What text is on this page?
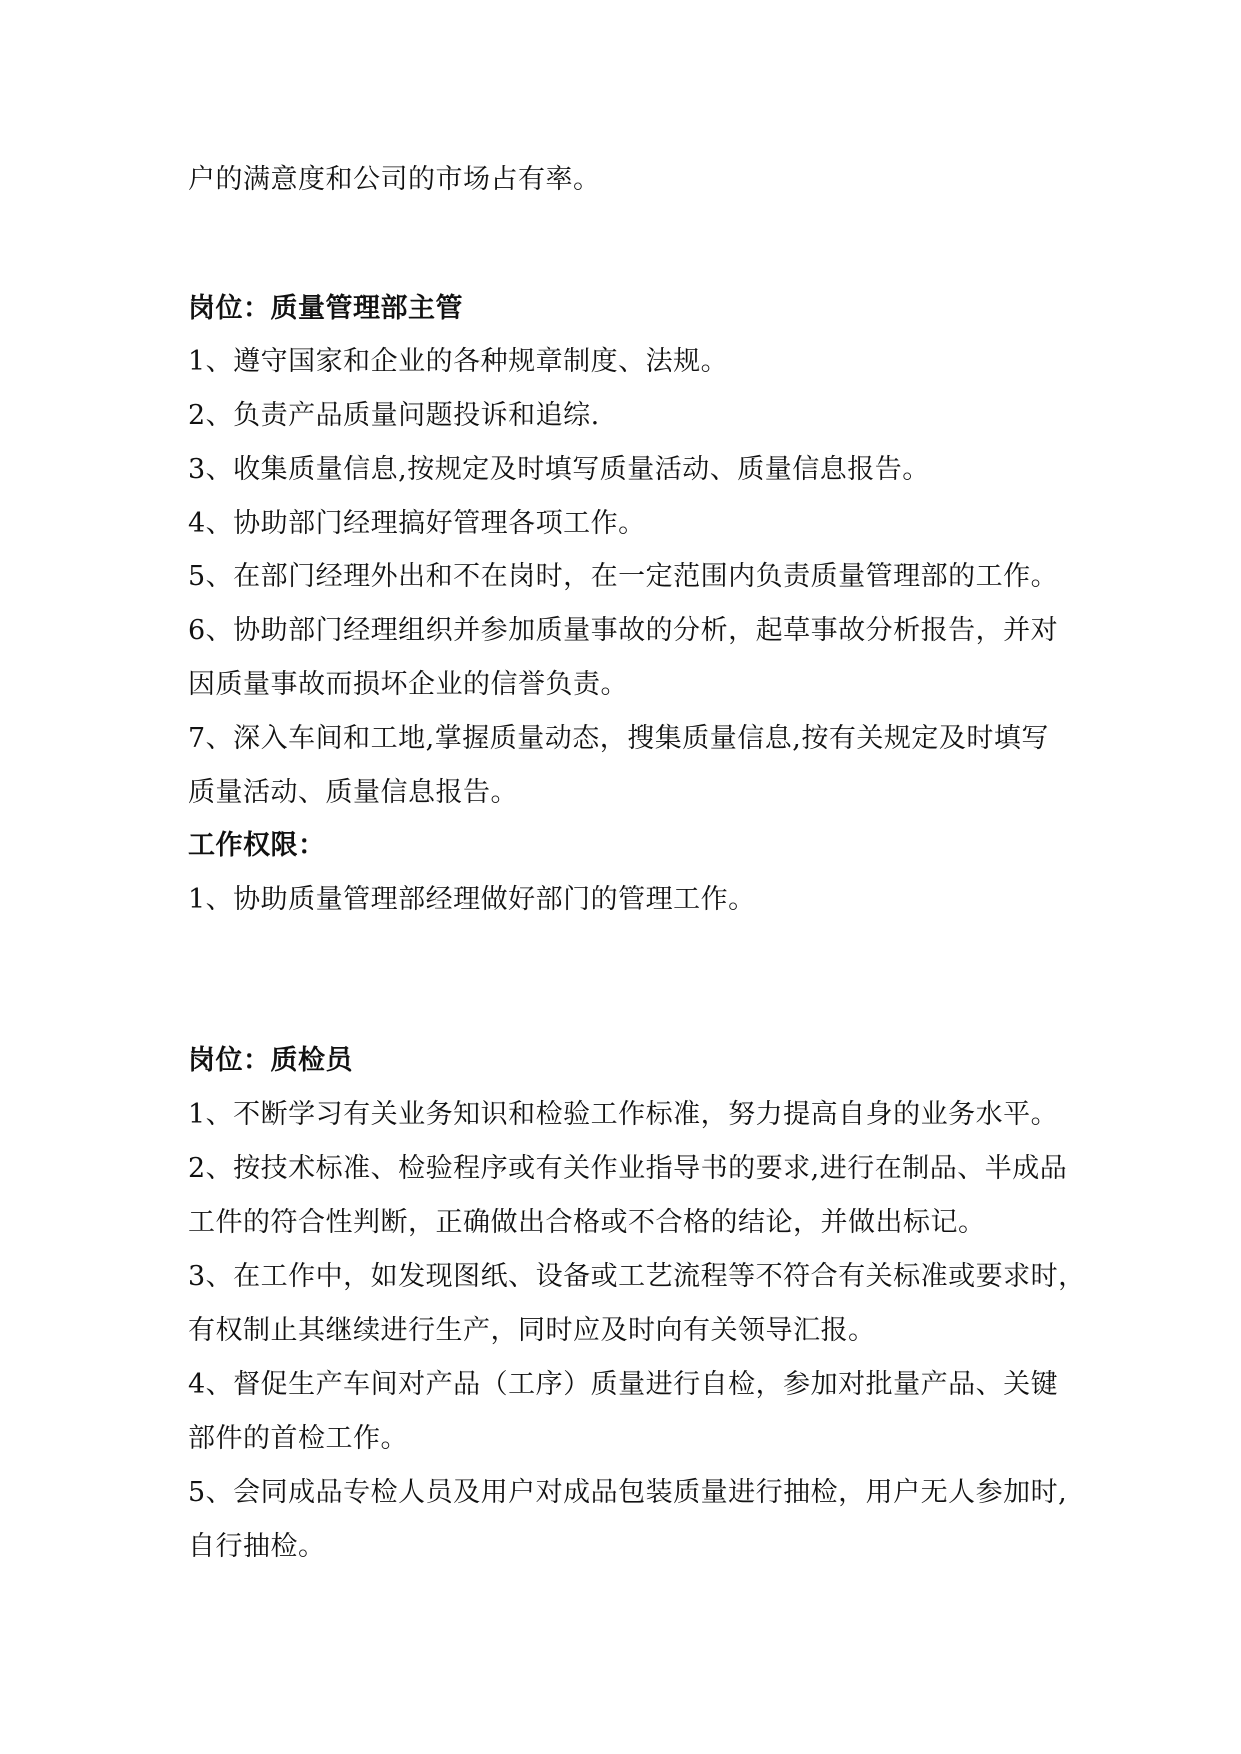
户的满意度和公司的市场占有率。
岗位：质量管理部主管
1、遵守国家和企业的各种规章制度、法规。
2、负责产品质量问题投诉和追综.
3、收集质量信息,按规定及时填写质量活动、质量信息报告。
4、协助部门经理搞好管理各项工作。
5、在部门经理外出和不在岗时，在一定范围内负责质量管理部的工作。
6、协助部门经理组织并参加质量事故的分析，起草事故分析报告，并对
因质量事故而损坏企业的信誉负责。
7、深入车间和工地,掌握质量动态，搜集质量信息,按有关规定及时填写
质量活动、质量信息报告。
工作权限：
1、协助质量管理部经理做好部门的管理工作。
岗位：质检员
1、不断学习有关业务知识和检验工作标准，努力提高自身的业务水平。
2、按技术标准、检验程序或有关作业指导书的要求,进行在制品、半成品
工件的符合性判断，正确做出合格或不合格的结论，并做出标记。
3、在工作中，如发现图纸、设备或工艺流程等不符合有关标准或要求时，
有权制止其继续进行生产，同时应及时向有关领导汇报。
4、督促生产车间对产品（工序）质量进行自检，参加对批量产品、关键
部件的首检工作。
5、会同成品专检人员及用户对成品包装质量进行抽检，用户无人参加时,
自行抽检。
